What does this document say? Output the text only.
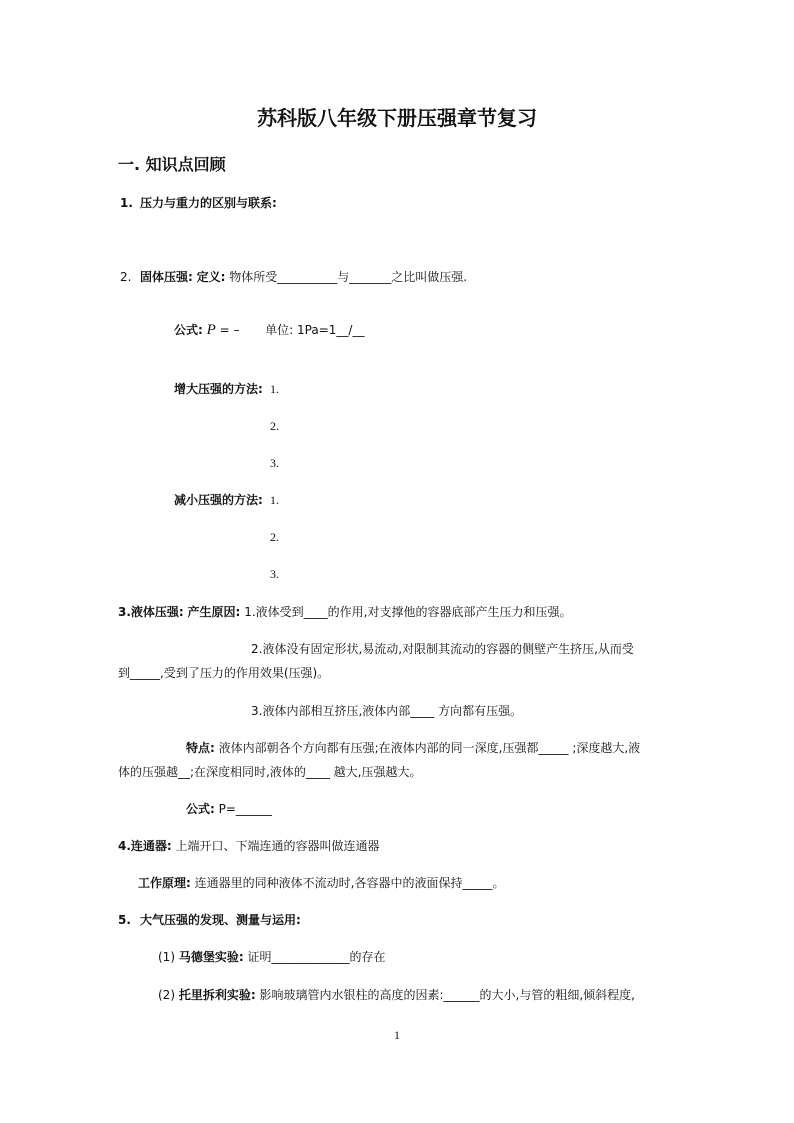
苏科版八年级下册压强章节复习
一. 知识点回顾
1. 压力与重力的区别与联系:
2. 固体压强: 定义: 物体所受__________与_______之比叫做压强.
公式: P = – 单位: 1Pa=1__/__
增大压强的方法: 1.
2.
3.
减小压强的方法: 1.
2.
3.
3.液体压强: 产生原因: 1.液体受到____的作用,对支撑他的容器底部产生压力和压强。
2.液体没有固定形状,易流动,对限制其流动的容器的侧壁产生挤压,从而受
到_____,受到了压力的作用效果(压强)。
3.液体内部相互挤压,液体内部____ 方向都有压强。
特点: 液体内部朝各个方向都有压强;在液体内部的同一深度,压强都_____ ;深度越大,液
体的压强越__;在深度相同时,液体的____ 越大,压强越大。
公式: P=______
4.连通器: 上端开口、下端连通的容器叫做连通器
工作原理: 连通器里的同种液体不流动时,各容器中的液面保持_____。
5. 大气压强的发现、测量与运用:
(1) 马德堡实验: 证明_____________的存在
(2) 托里拆利实验: 影响玻璃管内水银柱的高度的因素:______的大小,与管的粗细,倾斜程度,
1
